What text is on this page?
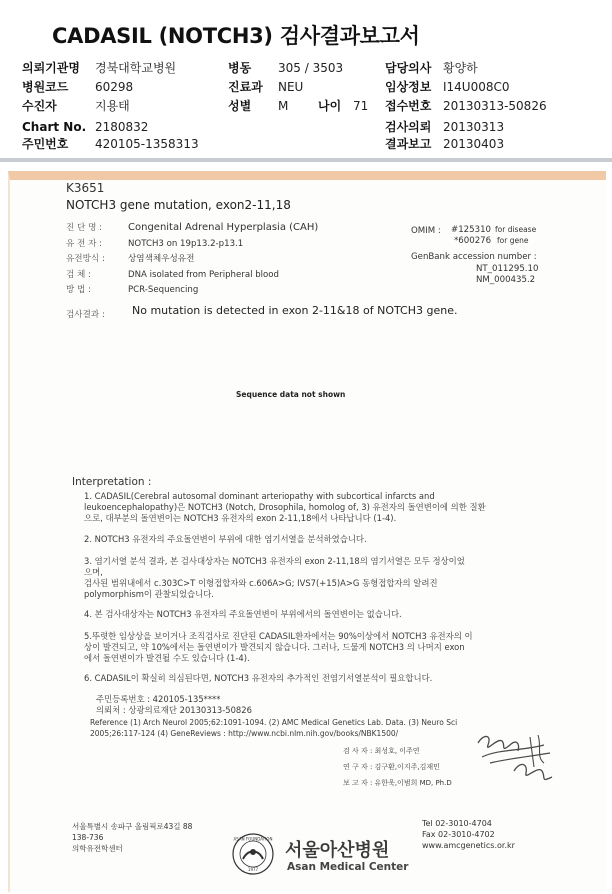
CADASIL (NOTCH3) 검사결과보고서
의뢰기관명 경북대학교병원
병원코드 60298
수진자	지용태
Chart No. 2180832
주민번호 420105-1358313
병동 305 / 3503
진료과 NEU
성별 M 나이 71
담당의사 황양하
임상정보 I14U008C0
접수번호 20130313-50826
검사의뢰 20130313
결과보고 20130403
K3651
NOTCH3 gene mutation, exon2-11,18
진 단 명 :	Congenital Adrenal Hyperplasia (CAH)
유 전 자 :	NOTCH3 on 19p13.2-p13.1
유전방식 :	상염색체우성유전
검 체 :	DNA isolated from Peripheral blood
방 법 :	PCR-Sequencing
OMIM : #125310 for disease
*600276 for gene
GenBank accession number :
NT_011295.10
NM_000435.2
검사결과 : No mutation is detected in exon 2-11&18 of NOTCH3 gene.
Sequence data not shown
Interpretation :
1. CADASIL(Cerebral autosomal dominant arteriopathy with subcortical infarcts and
leukoencephalopathy)은 NOTCH3 (Notch, Drosophila, homolog of, 3) 유전자의 돌연변이에 의한 질환
으로, 대부분의 돌연변이는 NOTCH3 유전자의 exon 2-11,18에서 나타납니다 (1-4).
2. NOTCH3 유전자의 주요돌연변이 부위에 대한 염기서열을 분석하였습니다.
3. 염기서열 분석 결과, 본 검사대상자는 NOTCH3 유전자의 exon 2-11,18의 염기서열은 모두 정상이었
으며,
검사된 범위내에서 c.303C>T 이형접합자와 c.606A>G; IVS7(+15)A>G 동형접합자의 알려진
polymorphism이 관찰되었습니다.
4. 본 검사대상자는 NOTCH3 유전자의 주요돌연변이 부위에서의 돌연변이는 없습니다.
5.뚜렷한 임상상을 보이거나 조직검사로 진단된 CADASIL환자에서는 90%이상에서 NOTCH3 유전자의 이
상이 발견되고, 약 10%에서는 돌연변이가 발견되지 않습니다. 그러나, 드물게 NOTCH3 의 나머지 exon
에서 돌연변이가 발견될 수도 있습니다 (1-4).
6. CADASIL이 확실히 의심된다면, NOTCH3 유전자의 추가적인 전염기서열분석이 필요합니다.
주민등록번호 : 420105-135****
의뢰처 : 상광의료재단 20130313-50826
Reference (1) Arch Neurol 2005;62:1091-1094. (2) AMC Medical Genetics Lab. Data. (3) Neuro Sci
2005;26:117-124 (4) GeneReviews : http://www.ncbi.nlm.nih.gov/books/NBK1500/
검 사 자 : 최성호, 이주연
연 구 자 : 김구환,이지주,김재민
보 고 자 : 유한욱,이범희 MD, Ph.D
서울특별시 송파구 올림픽로43길 88
138-736
의학유전학센터
Tel 02-3010-4704
Fax 02-3010-4702
www.amcgenetics.or.kr
ASAN FOUNDATION
1977
서울아산병원
Asan Medical Center
